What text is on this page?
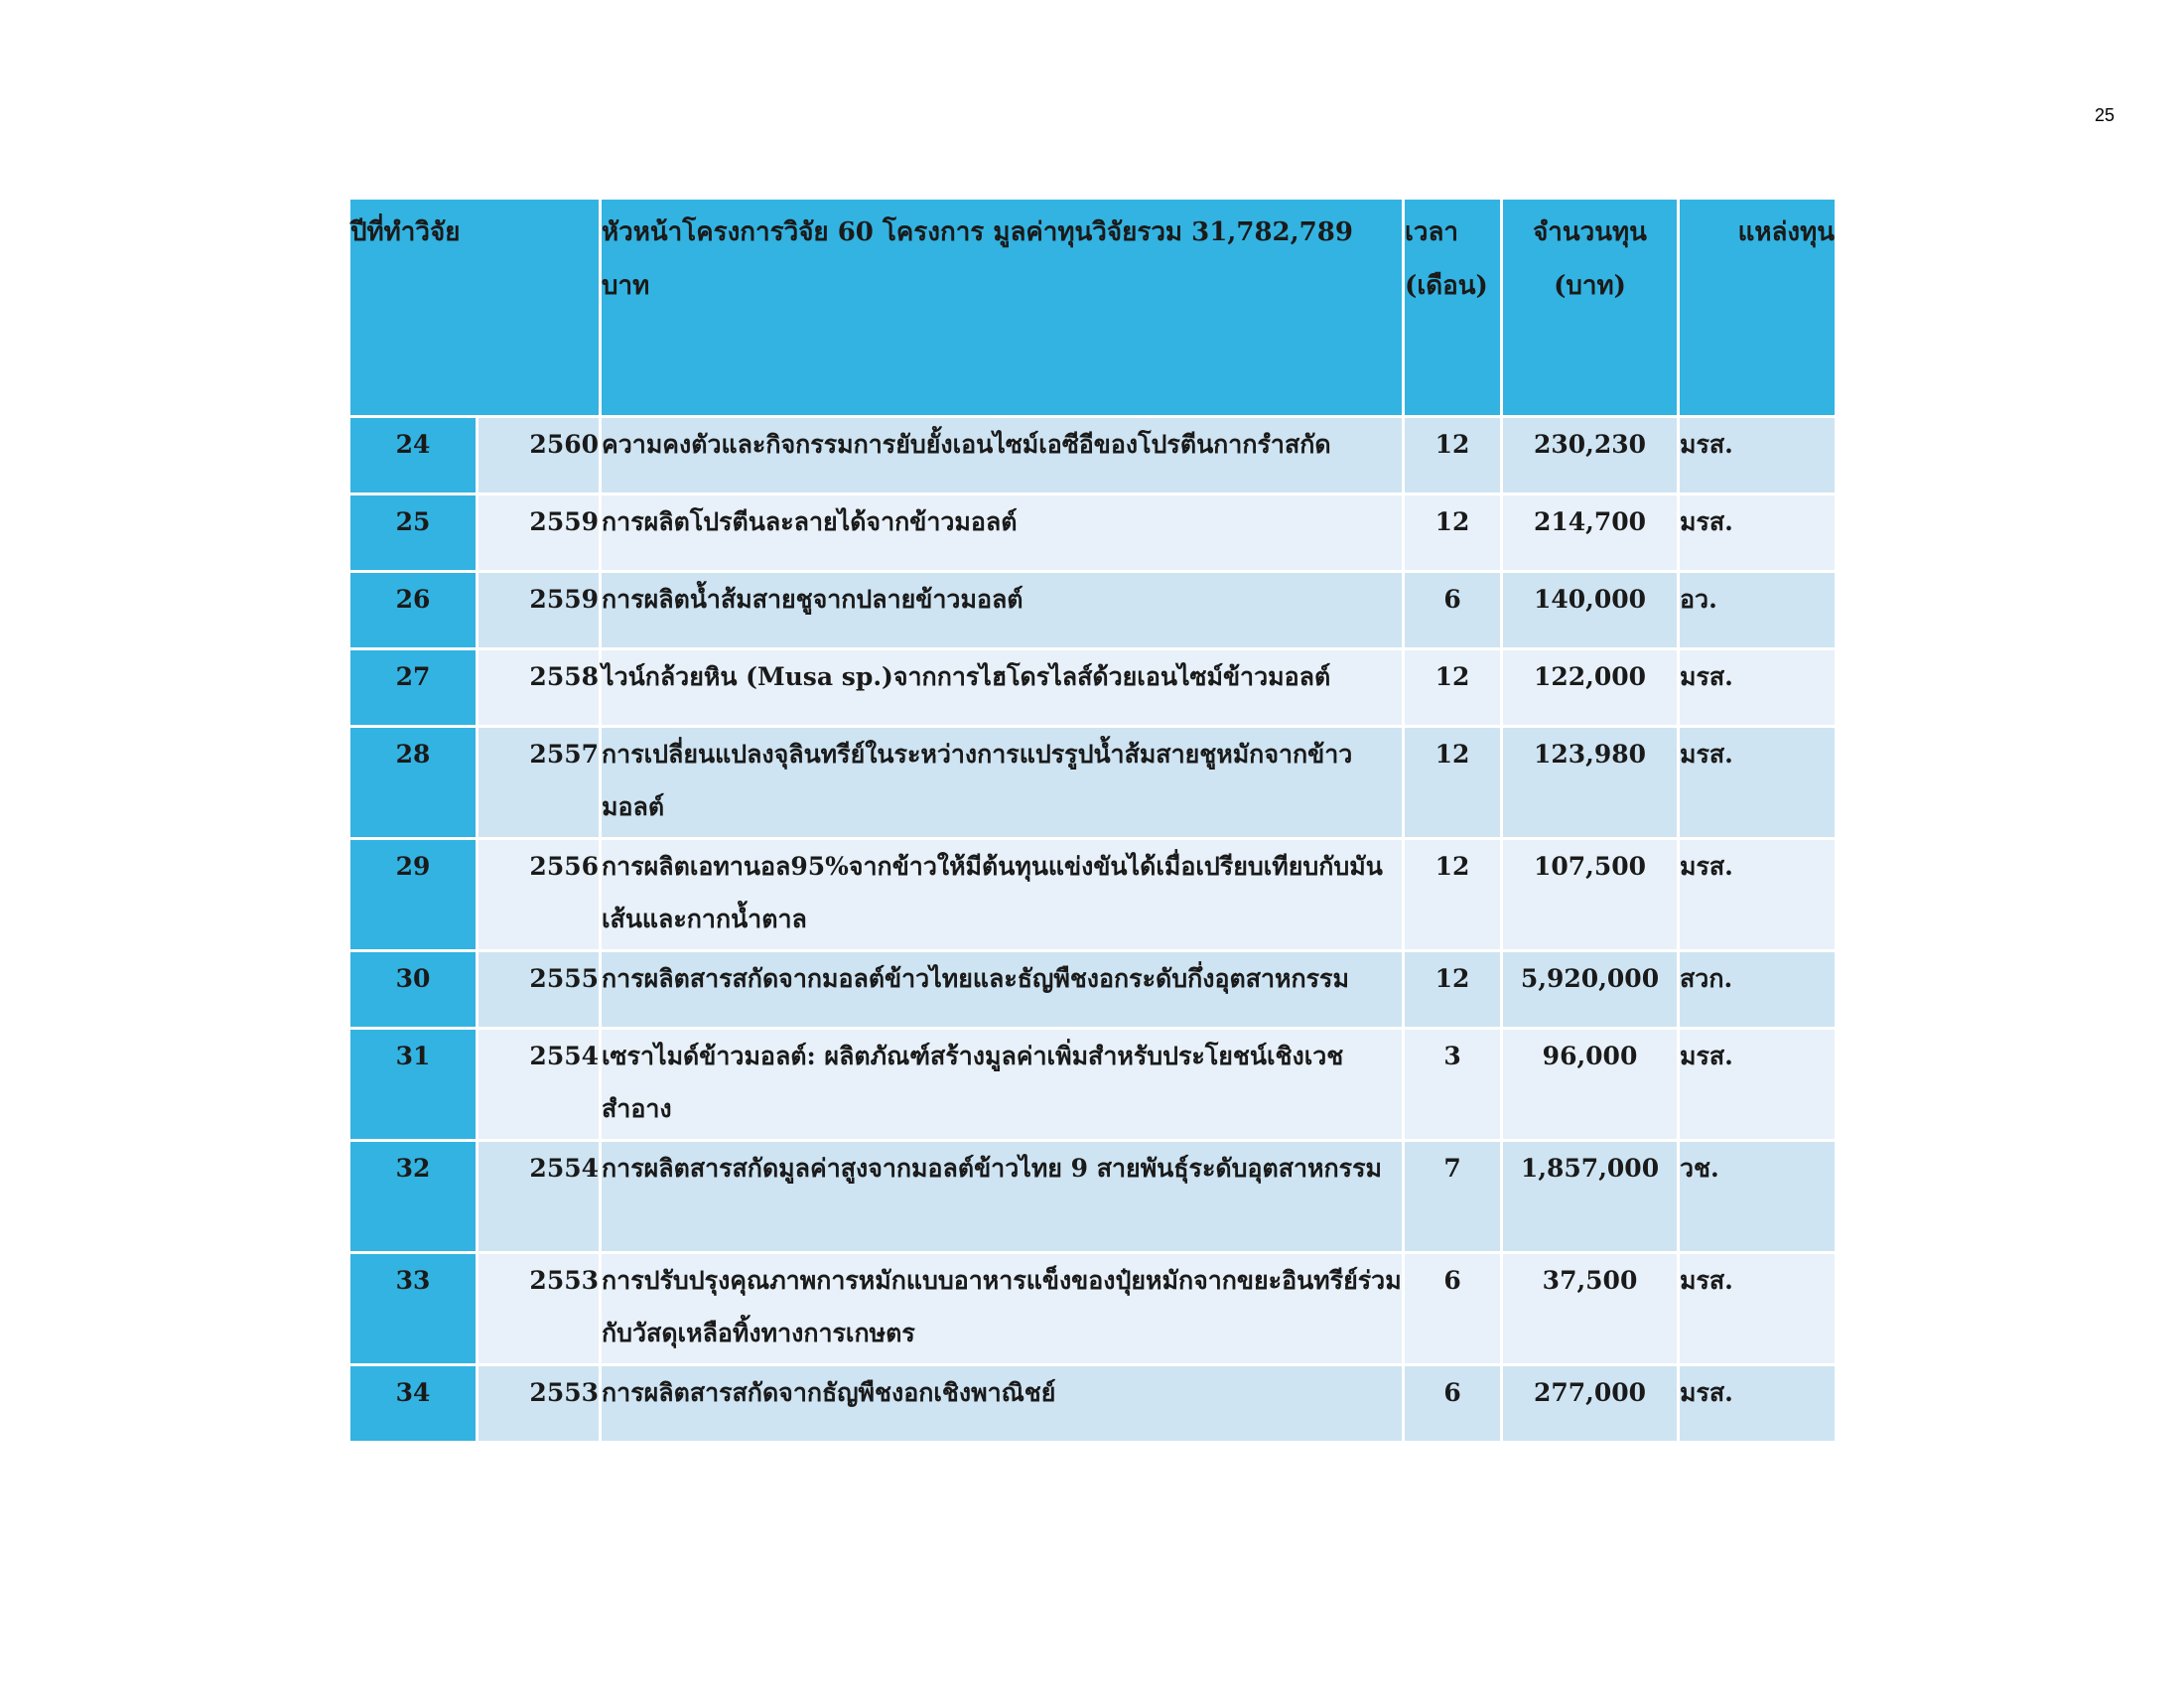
25
ปีที่ทำวิจัย		หัวหน้าโครงการวิจัย 60 โครงการ มูลค่าทุนวิจัยรวม 31,782,789 บาท	เวลา (เดือน)	จำนวนทุน (บาท)	แหล่งทุน

24	2560	ความคงตัวและกิจกรรมการยับยั้งเอนไซม์เอซีอีของโปรตีนกากรำสกัด	12	230,230	มรส.
25	2559	การผลิตโปรตีนละลายได้จากข้าวมอลต์	12	214,700	มรส.
26	2559	การผลิตน้ำส้มสายชูจากปลายข้าวมอลต์	6	140,000	อว.
27	2558	ไวน์กล้วยหิน (Musa sp.)จากการไฮโดรไลส์ด้วยเอนไซม์ข้าวมอลต์	12	122,000	มรส.
28	2557	การเปลี่ยนแปลงจุลินทรีย์ในระหว่างการแปรรูปน้ำส้มสายชูหมักจากข้าวมอลต์	12	123,980	มรส.
29	2556	การผลิตเอทานอล95%จากข้าวให้มีต้นทุนแข่งขันได้เมื่อเปรียบเทียบกับมันเส้นและกากน้ำตาล	12	107,500	มรส.
30	2555	การผลิตสารสกัดจากมอลต์ข้าวไทยและธัญพืชงอกระดับกึ่งอุตสาหกรรม	12	5,920,000	สวก.
31	2554	เซราไมด์ข้าวมอลต์: ผลิตภัณฑ์สร้างมูลค่าเพิ่มสำหรับประโยชน์เชิงเวชสำอาง	3	96,000	มรส.
32	2554	การผลิตสารสกัดมูลค่าสูงจากมอลต์ข้าวไทย 9 สายพันธุ์ระดับอุตสาหกรรม	7	1,857,000	วช.
33	2553	การปรับปรุงคุณภาพการหมักแบบอาหารแข็งของปุ๋ยหมักจากขยะอินทรีย์ร่วมกับวัสดุเหลือทิ้งทางการเกษตร	6	37,500	มรส.
34	2553	การผลิตสารสกัดจากธัญพืชงอกเชิงพาณิชย์	6	277,000	มรส.
